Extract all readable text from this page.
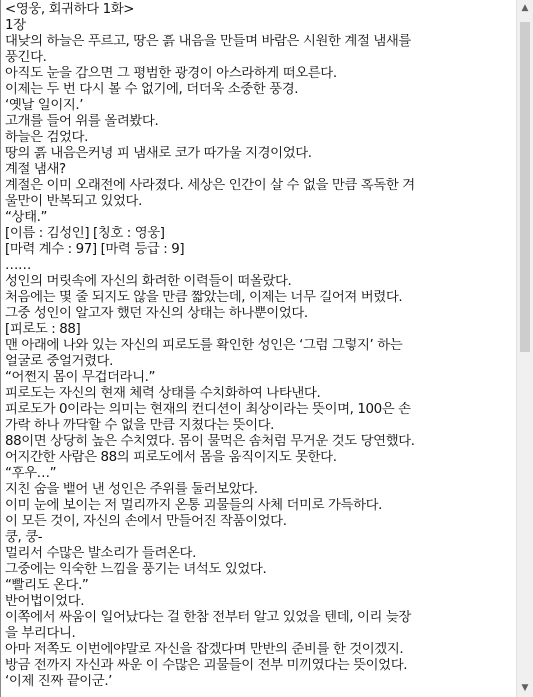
<영웅, 회귀하다 1화>
1장
대낮의 하늘은 푸르고, 땅은 흙 내음을 만들며 바람은 시원한 계절 냄새를
풍긴다.
아직도 눈을 감으면 그 평범한 광경이 아스라하게 떠오른다.
이제는 두 번 다시 볼 수 없기에, 더더욱 소중한 풍경.
‘옛날 일이지.’
고개를 들어 위를 올려봤다.
하늘은 검었다.
땅의 흙 내음은커녕 피 냄새로 코가 따가울 지경이었다.
계절 냄새?
계절은 이미 오래전에 사라졌다. 세상은 인간이 살 수 없을 만큼 혹독한 겨
울만이 반복되고 있었다.
“상태.”
[이름 : 김성인] [칭호 : 영웅]
[마력 계수 : 97] [마력 등급 : 9]
……
성인의 머릿속에 자신의 화려한 이력들이 떠올랐다.
처음에는 몇 줄 되지도 않을 만큼 짧았는데, 이제는 너무 길어져 버렸다.
그중 성인이 알고자 했던 자신의 상태는 하나뿐이었다.
[피로도 : 88]
맨 아래에 나와 있는 자신의 피로도를 확인한 성인은 ‘그럼 그렇지’ 하는
얼굴로 중얼거렸다.
“어쩐지 몸이 무겁더라니.”
피로도는 자신의 현재 체력 상태를 수치화하여 나타낸다.
피로도가 0이라는 의미는 현재의 컨디션이 최상이라는 뜻이며, 100은 손
가락 하나 까닥할 수 없을 만큼 지쳤다는 뜻이다.
88이면 상당히 높은 수치였다. 몸이 물먹은 솜처럼 무거운 것도 당연했다.
어지간한 사람은 88의 피로도에서 몸을 움직이지도 못한다.
“후우…”
지친 숨을 뱉어 낸 성인은 주위를 둘러보았다.
이미 눈에 보이는 저 멀리까지 온통 괴물들의 사체 더미로 가득하다.
이 모든 것이, 자신의 손에서 만들어진 작품이었다.
쿵, 쿵-
멀리서 수많은 발소리가 들려온다.
그중에는 익숙한 느낌을 풍기는 녀석도 있었다.
“빨리도 온다.”
반어법이었다.
이쪽에서 싸움이 일어났다는 걸 한참 전부터 알고 있었을 텐데, 이리 늦장
을 부리다니.
아마 저쪽도 이번에야말로 자신을 잡겠다며 만반의 준비를 한 것이겠지.
방금 전까지 자신과 싸운 이 수많은 괴물들이 전부 미끼였다는 뜻이었다.
‘이제 진짜 끝이군.’
▲
▼
